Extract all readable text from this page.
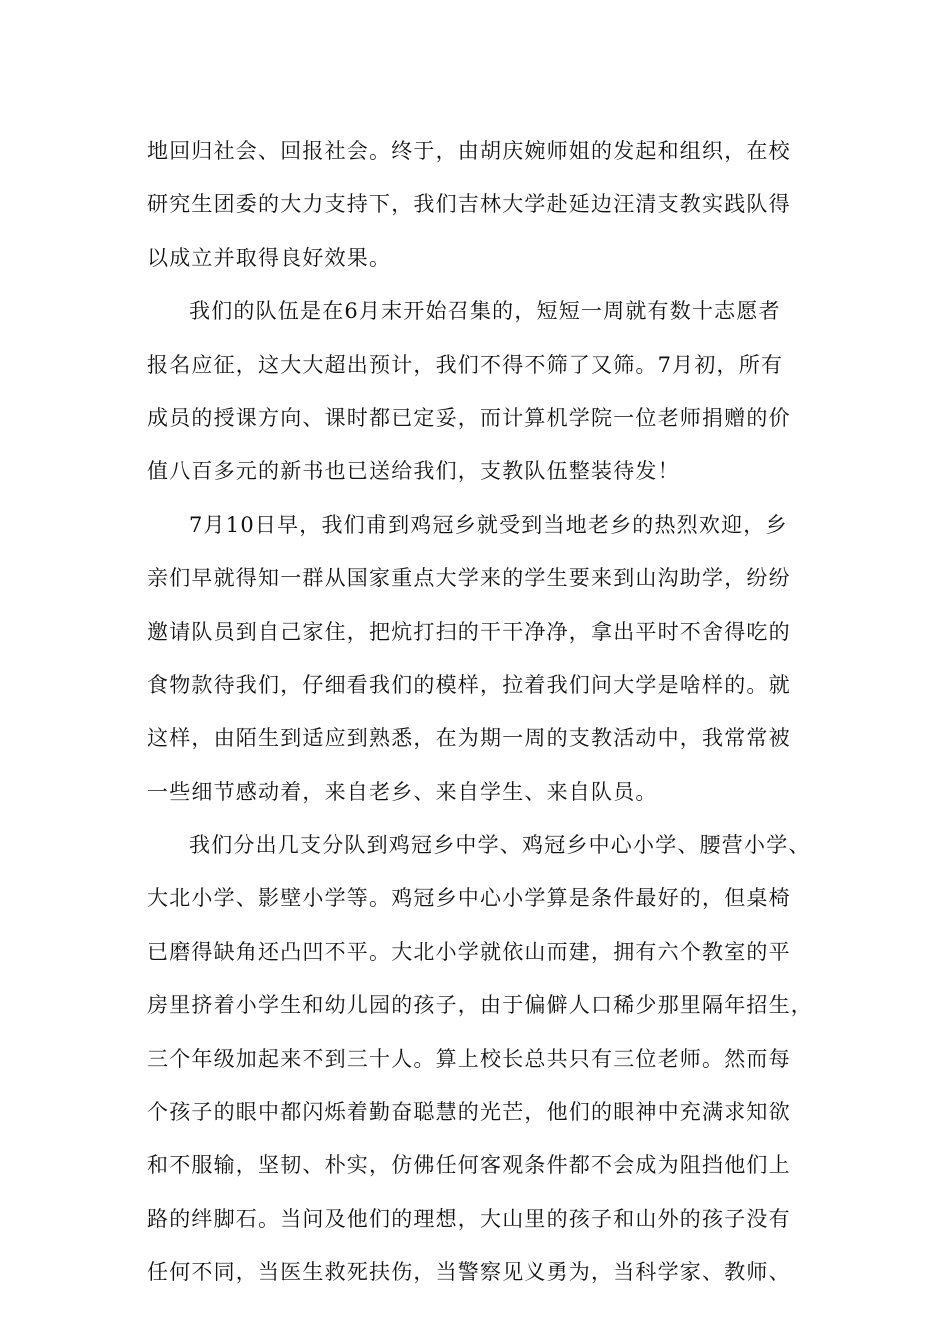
地回归社会、回报社会。终于，由胡庆婉师姐的发起和组织，在校
研究生团委的大力支持下，我们吉林大学赴延边汪清支教实践队得
以成立并取得良好效果。
我们的队伍是在6月末开始召集的，短短一周就有数十志愿者
报名应征，这大大超出预计，我们不得不筛了又筛。7月初，所有
成员的授课方向、课时都已定妥，而计算机学院一位老师捐赠的价
值八百多元的新书也已送给我们，支教队伍整装待发！
7月10日早，我们甫到鸡冠乡就受到当地老乡的热烈欢迎，乡
亲们早就得知一群从国家重点大学来的学生要来到山沟助学，纷纷
邀请队员到自己家住，把炕打扫的干干净净，拿出平时不舍得吃的
食物款待我们，仔细看我们的模样，拉着我们问大学是啥样的。就
这样，由陌生到适应到熟悉，在为期一周的支教活动中，我常常被
一些细节感动着，来自老乡、来自学生、来自队员。
我们分出几支分队到鸡冠乡中学、鸡冠乡中心小学、腰营小学、
大北小学、影壁小学等。鸡冠乡中心小学算是条件最好的，但桌椅
已磨得缺角还凸凹不平。大北小学就依山而建，拥有六个教室的平
房里挤着小学生和幼儿园的孩子，由于偏僻人口稀少那里隔年招生，
三个年级加起来不到三十人。算上校长总共只有三位老师。然而每
个孩子的眼中都闪烁着勤奋聪慧的光芒，他们的眼神中充满求知欲
和不服输，坚韧、朴实，仿佛任何客观条件都不会成为阻挡他们上
路的绊脚石。当问及他们的理想，大山里的孩子和山外的孩子没有
任何不同，当医生救死扶伤，当警察见义勇为，当科学家、教师、
